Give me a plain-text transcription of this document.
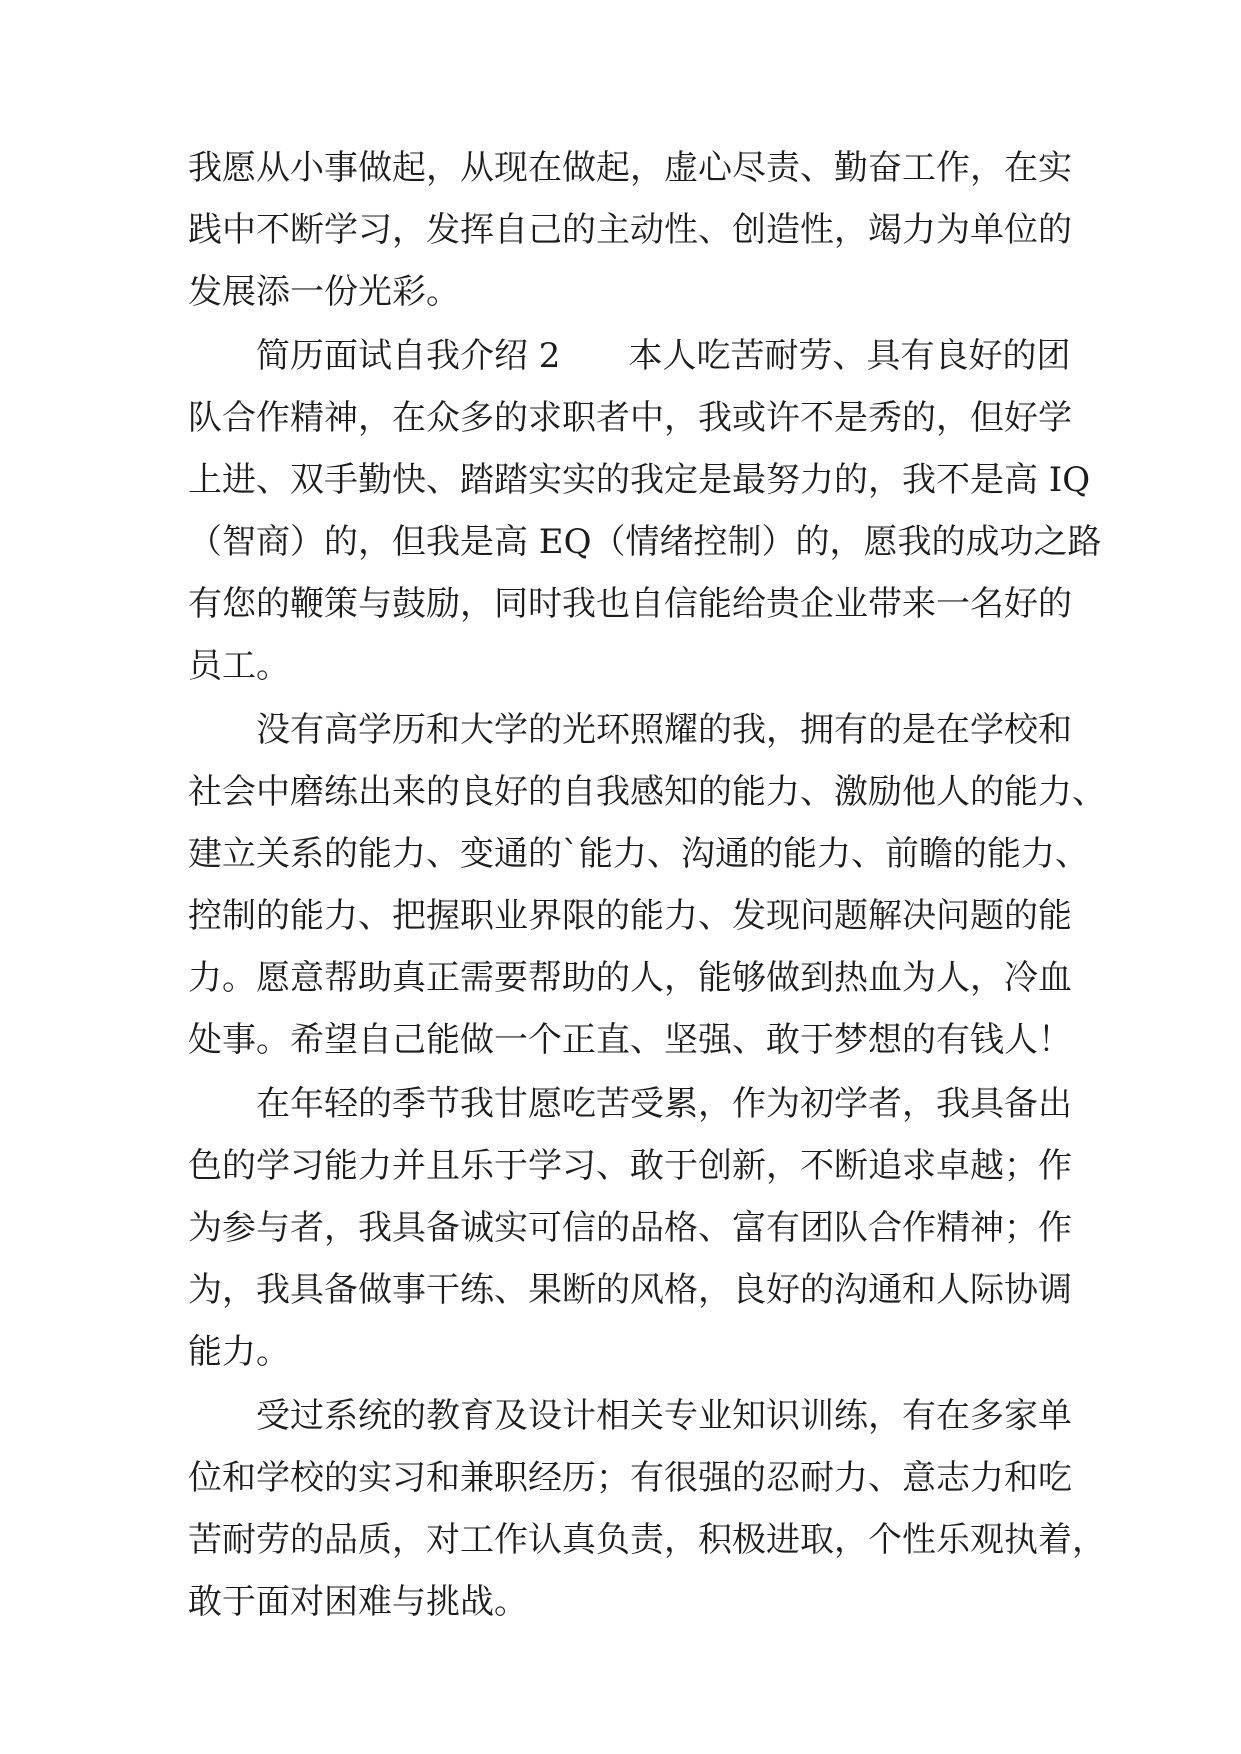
我愿从小事做起，从现在做起，虚心尽责、勤奋工作，在实
践中不断学习，发挥自己的主动性、创造性，竭力为单位的
发展添一份光彩。
简历面试自我介绍 2　　本人吃苦耐劳、具有良好的团
队合作精神，在众多的求职者中，我或许不是秀的，但好学
上进、双手勤快、踏踏实实的我定是最努力的，我不是高 IQ
（智商）的，但我是高 EQ（情绪控制）的，愿我的成功之路
有您的鞭策与鼓励，同时我也自信能给贵企业带来一名好的
员工。
没有高学历和大学的光环照耀的我，拥有的是在学校和
社会中磨练出来的良好的自我感知的能力、激励他人的能力、
建立关系的能力、变通的`能力、沟通的能力、前瞻的能力、
控制的能力、把握职业界限的能力、发现问题解决问题的能
力。愿意帮助真正需要帮助的人，能够做到热血为人，冷血
处事。希望自己能做一个正直、坚强、敢于梦想的有钱人！
在年轻的季节我甘愿吃苦受累，作为初学者，我具备出
色的学习能力并且乐于学习、敢于创新，不断追求卓越；作
为参与者，我具备诚实可信的品格、富有团队合作精神；作
为，我具备做事干练、果断的风格，良好的沟通和人际协调
能力。
受过系统的教育及设计相关专业知识训练，有在多家单
位和学校的实习和兼职经历；有很强的忍耐力、意志力和吃
苦耐劳的品质，对工作认真负责，积极进取，个性乐观执着，
敢于面对困难与挑战。
